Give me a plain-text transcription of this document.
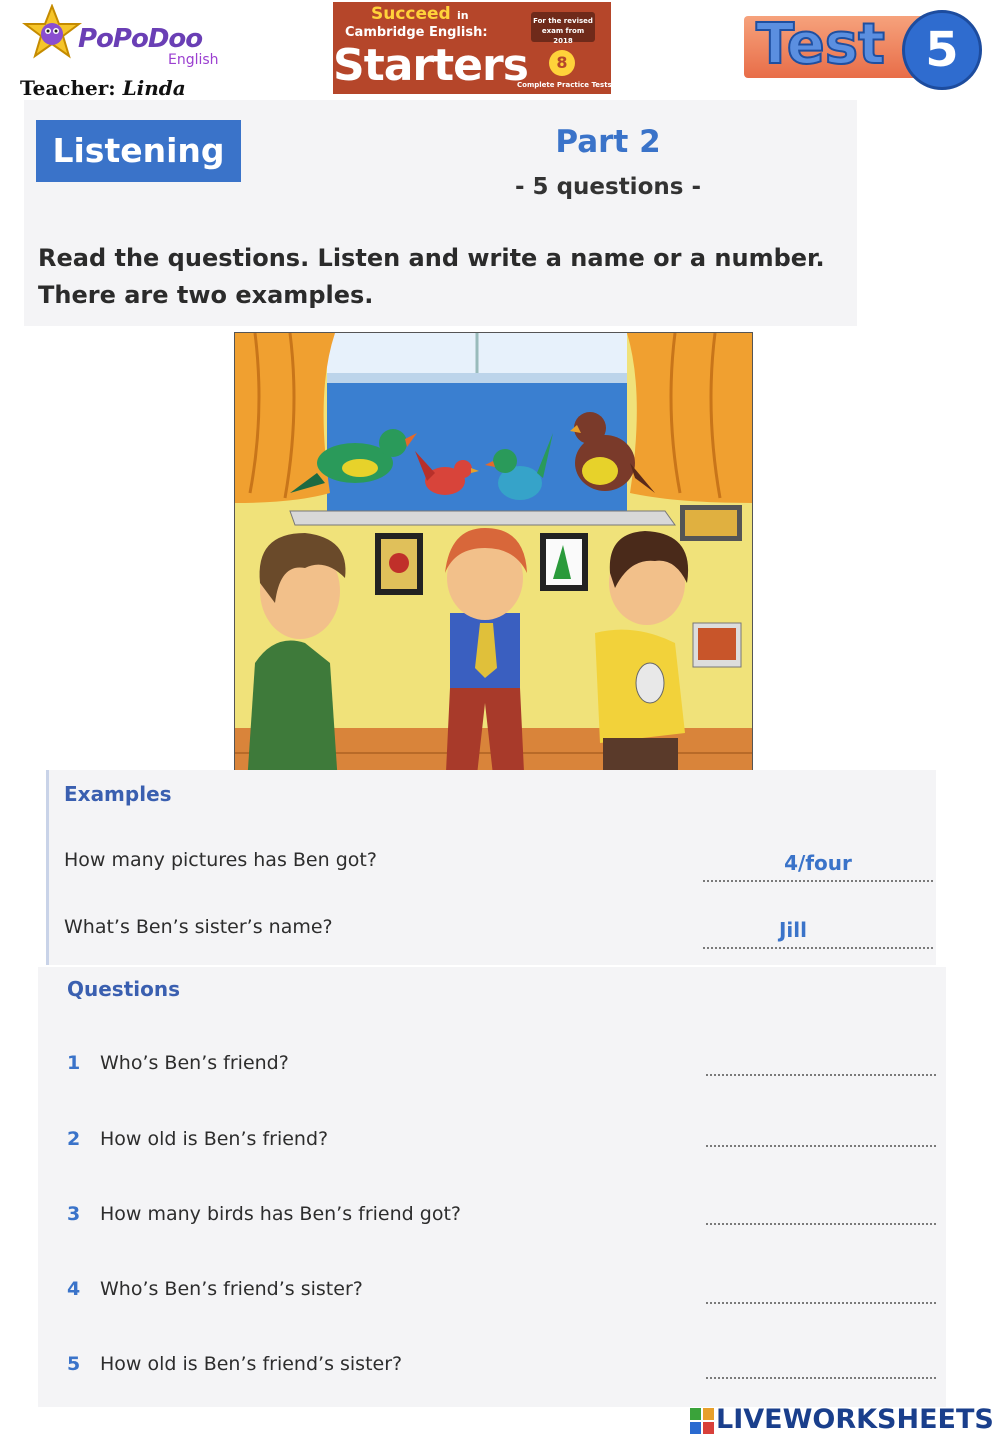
PoPoDoo
English
Teacher: Linda
Succeed in
Cambridge English:
Starters
For the revised exam from 2018
8
Complete Practice Tests
Test 5
Listening	Part 2
- 5 questions -
Read the questions. Listen and write a name or a number.
There are two examples.
Examples
How many pictures has Ben got?	4/four
What’s Ben’s sister’s name?	Jill
Questions
1 Who’s Ben’s friend?
2 How old is Ben’s friend?
3 How many birds has Ben’s friend got?
4 Who’s Ben’s friend’s sister?
5 How old is Ben’s friend’s sister?
LIVEWORKSHEETS
